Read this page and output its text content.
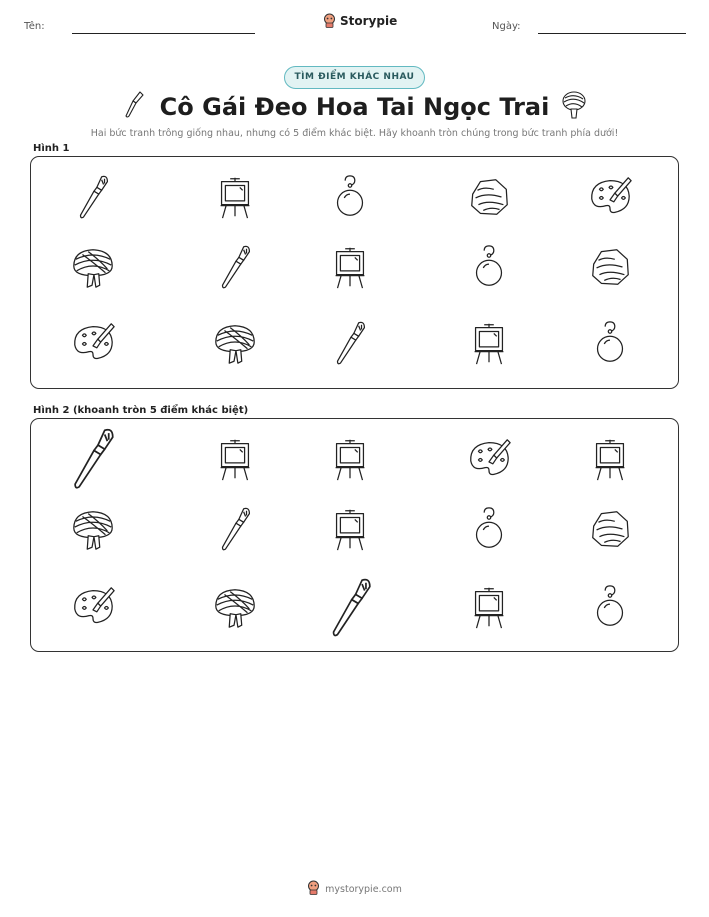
Tên:	Storypie	Ngày:
TÌM ĐIỂM KHÁC NHAU
Cô Gái Đeo Hoa Tai Ngọc Trai
Hai bức tranh trông giống nhau, nhưng có 5 điểm khác biệt. Hãy khoanh tròn chúng trong bức tranh phía dưới!
Hình 1
Hình 2 (khoanh tròn 5 điểm khác biệt)
mystorypie.com
